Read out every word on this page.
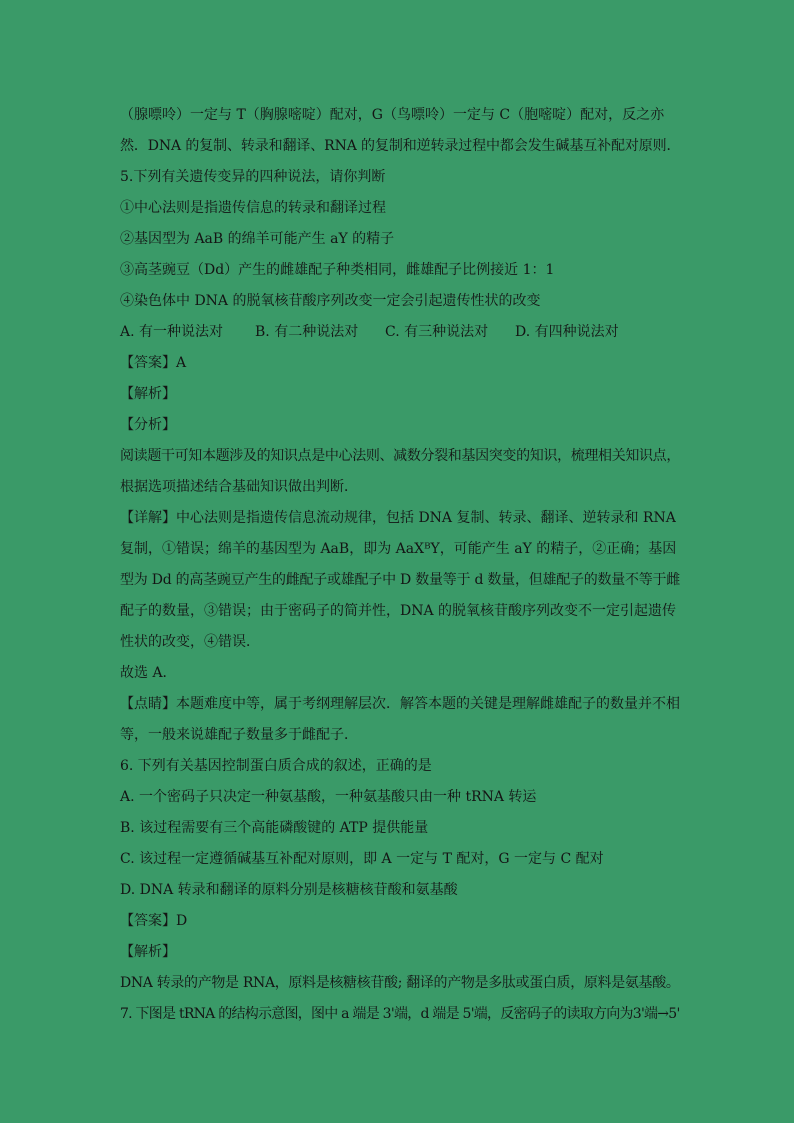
（腺嘌呤）一定与 T（胸腺嘧啶）配对，G（鸟嘌呤）一定与 C（胞嘧啶）配对，反之亦
然．DNA 的复制、转录和翻译、RNA 的复制和逆转录过程中都会发生碱基互补配对原则．
5.下列有关遗传变异的四种说法，请你判断
①中心法则是指遗传信息的转录和翻译过程
②基因型为 AaB 的绵羊可能产生 aY 的精子
③高茎豌豆（Dd）产生的雌雄配子种类相同，雌雄配子比例接近 1：1
④染色体中 DNA 的脱氧核苷酸序列改变一定会引起遗传性状的改变
A. 有一种说法对 B. 有二种说法对 C. 有三种说法对 D. 有四种说法对
【答案】A
【解析】
【分析】
阅读题干可知本题涉及的知识点是中心法则、减数分裂和基因突变的知识，梳理相关知识点，
根据选项描述结合基础知识做出判断．
【详解】中心法则是指遗传信息流动规律，包括 DNA 复制、转录、翻译、逆转录和 RNA
复制，①错误；绵羊的基因型为 AaB，即为 AaXᴮY，可能产生 aY 的精子，②正确；基因
型为 Dd 的高茎豌豆产生的雌配子或雄配子中 D 数量等于 d 数量，但雄配子的数量不等于雌
配子的数量，③错误；由于密码子的简并性，DNA 的脱氧核苷酸序列改变不一定引起遗传
性状的改变，④错误．
故选 A．
【点睛】本题难度中等，属于考纲理解层次．解答本题的关键是理解雌雄配子的数量并不相
等，一般来说雄配子数量多于雌配子．
6. 下列有关基因控制蛋白质合成的叙述，正确的是
A. 一个密码子只决定一种氨基酸，一种氨基酸只由一种 tRNA 转运
B. 该过程需要有三个高能磷酸键的 ATP 提供能量
C. 该过程一定遵循碱基互补配对原则，即 A 一定与 T 配对，G 一定与 C 配对
D. DNA 转录和翻译的原料分别是核糖核苷酸和氨基酸
【答案】D
【解析】
DNA 转录的产物是 RNA，原料是核糖核苷酸; 翻译的产物是多肽或蛋白质，原料是氨基酸。
7. 下图是 tRNA 的结构示意图，图中 a 端是 3'端，d 端是 5'端，反密码子的读取方向为3'端→5'
